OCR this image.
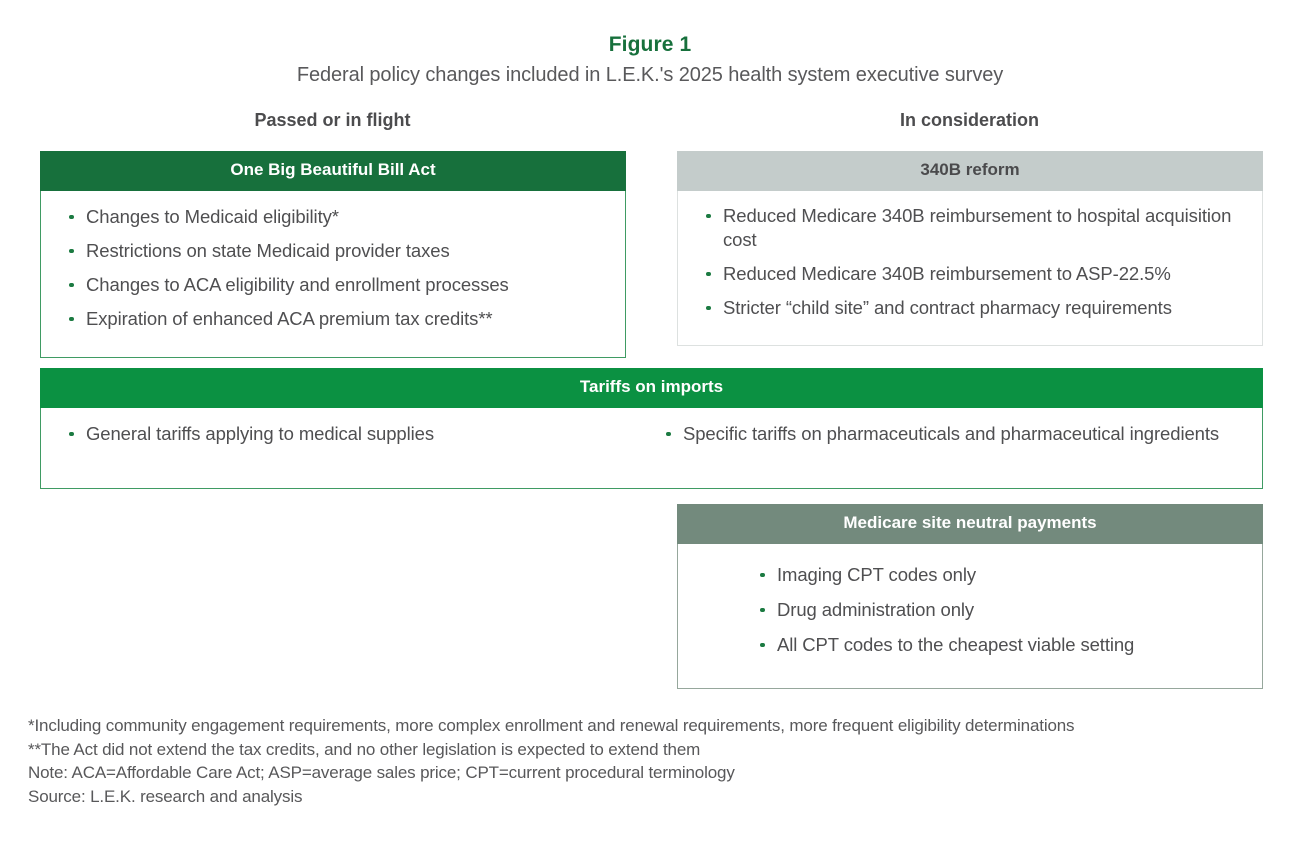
Figure 1
Federal policy changes included in L.E.K.'s 2025 health system executive survey
Passed or in flight	In consideration
One Big Beautiful Bill Act
Changes to Medicaid eligibility*
Restrictions on state Medicaid provider taxes
Changes to ACA eligibility and enrollment processes
Expiration of enhanced ACA premium tax credits**
340B reform
Reduced Medicare 340B reimbursement to hospital acquisition cost
Reduced Medicare 340B reimbursement to ASP-22.5%
Stricter “child site” and contract pharmacy requirements
Tariffs on imports
General tariffs applying to medical supplies	Specific tariffs on pharmaceuticals and pharmaceutical ingredients
Medicare site neutral payments
Imaging CPT codes only
Drug administration only
All CPT codes to the cheapest viable setting

*Including community engagement requirements, more complex enrollment and renewal requirements, more frequent eligibility determinations

**The Act did not extend the tax credits, and no other legislation is expected to extend them

Note: ACA=Affordable Care Act; ASP=average sales price; CPT=current procedural terminology

Source: L.E.K. research and analysis
